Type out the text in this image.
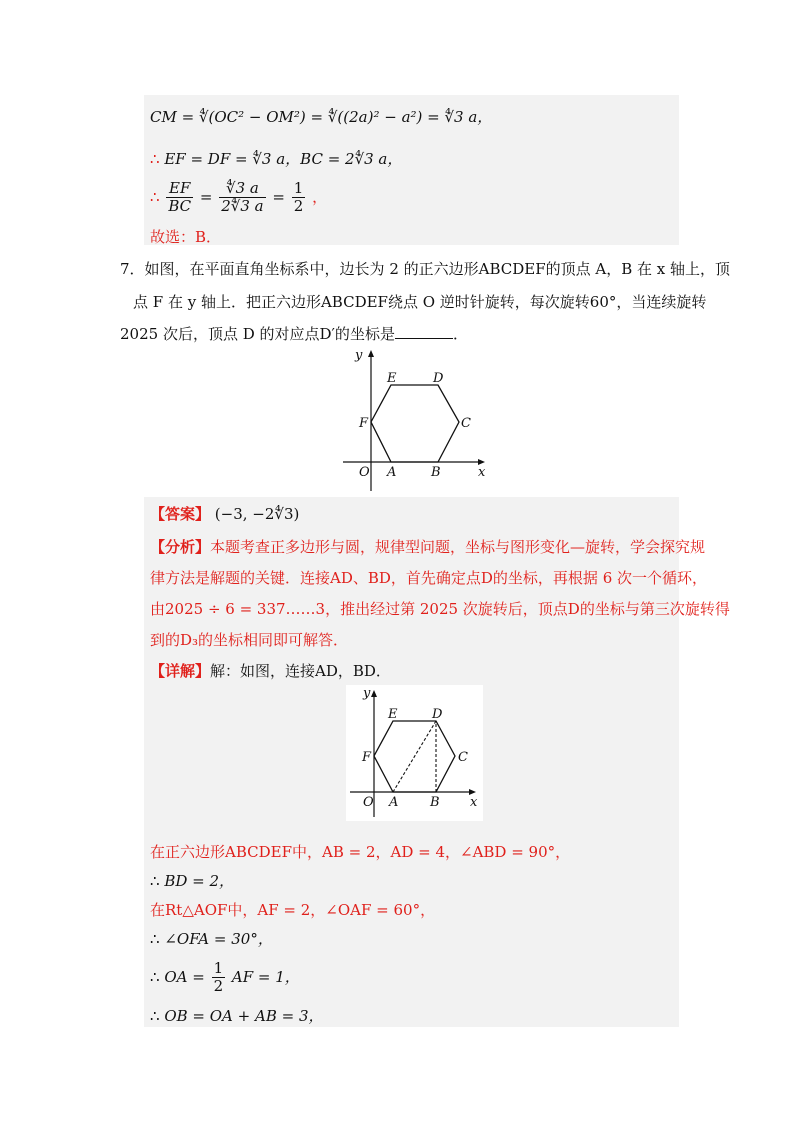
CM = ∜(OC² − OM²) = ∜((2a)² − a²) = ∜3 a，
∴ EF = DF = ∜3 a，BC = 2∜3 a，
∴ $\frac{EF}{BC} = \frac{∜3 a}{2∜3 a} = \frac{1}{2}$ ，
故选：B．
7．如图，在平面直角坐标系中，边长为 2 的正六边形ABCDEF的顶点 A，B 在 x 轴上，顶
点 F 在 y 轴上．把正六边形ABCDEF绕点 O 逆时针旋转，每次旋转60°，当连续旋转
2025 次后，顶点 D 的对应点D′的坐标是	．
y
x
O A	B
C
D
E
F
【答案】 (−3, −2∜3)
【分析】本题考查正多边形与圆，规律型问题，坐标与图形变化—旋转，学会探究规
律方法是解题的关键．连接AD、BD，首先确定点D的坐标，再根据 6 次一个循环，
由2025 ÷ 6 = 337……3，推出经过第 2025 次旋转后，顶点D的坐标与第三次旋转得
到的D₃的坐标相同即可解答．
【详解】解：如图，连接AD，BD．
y
x
O A B
C
D
E
F
在正六边形ABCDEF中，AB = 2，AD = 4，∠ABD = 90°，
∴ BD = 2，
在Rt△AOF中，AF = 2，∠OAF = 60°，
∴ ∠OFA = 30°，
∴ OA = $\frac{1}{2}$ AF = 1，
∴ OB = OA + AB = 3，
